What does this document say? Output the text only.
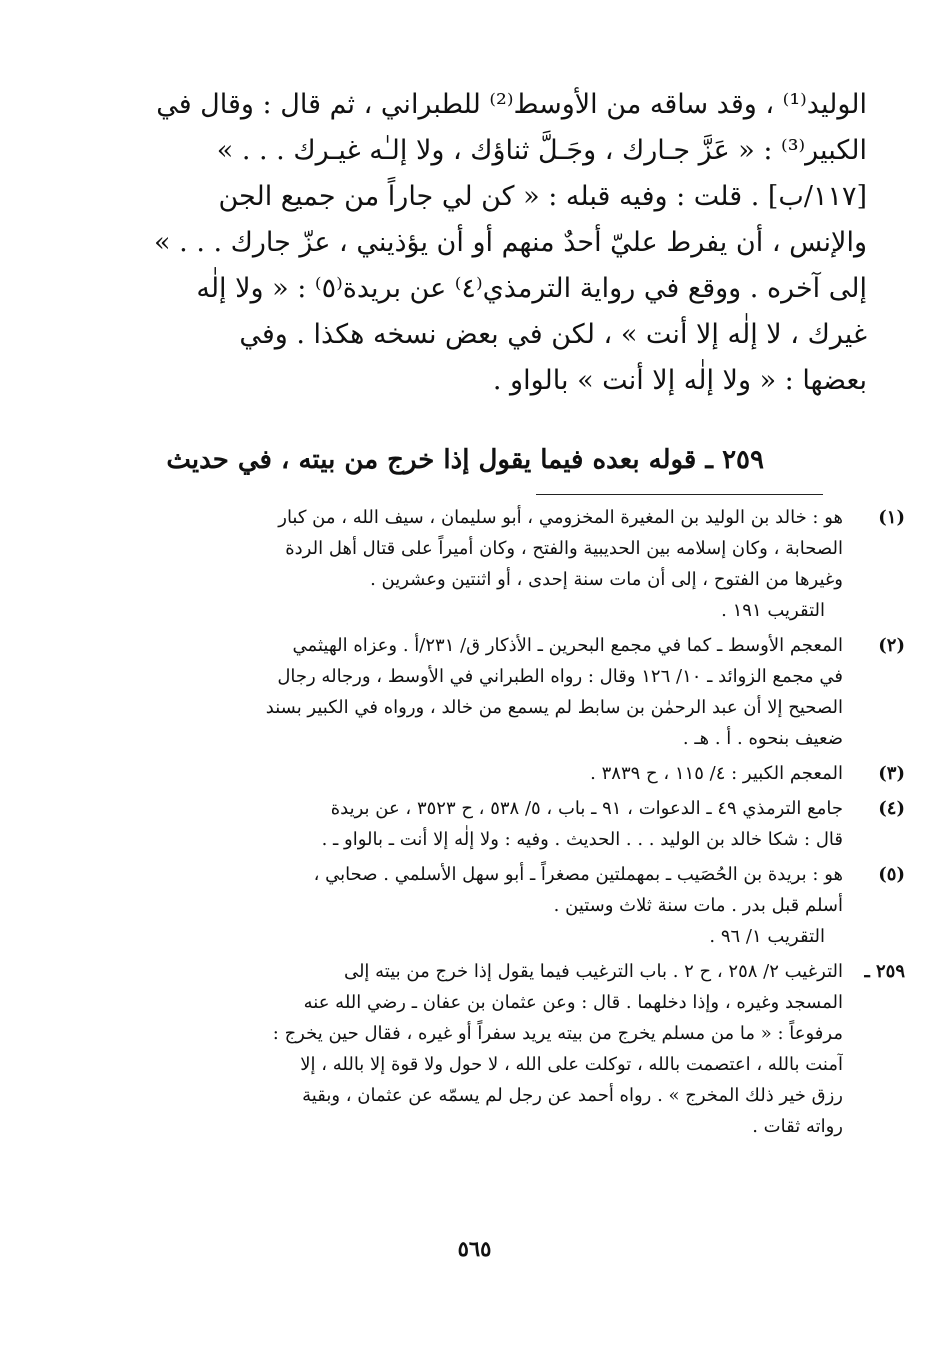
الوليد⁽¹⁾ ، وقد ساقه من الأوسط⁽²⁾ للطبراني ، ثم قال : وقال في
الكبير⁽³⁾ : « عَزَّ جـارك ، وجَـلَّ ثناؤك ، ولا إلـٰه غيـرك . . . »
[١١٧/ب] . قلت : وفيه قبله : « كن لي جاراً من جميع الجن
والإنس ، أن يفرط عليّ أحدٌ منهم أو أن يؤذيني ، عزّ جارك . . . »
إلى آخره . ووقع في رواية الترمذي⁽٤⁾ عن بريدة⁽٥⁾ : « ولا إلٰه
غيرك ، لا إلٰه إلا أنت » ، لكن في بعض نسخه هكذا . وفي
بعضها : « ولا إلٰه إلا أنت » بالواو .
٢٥٩ ـ قوله بعده فيما يقول إذا خرج من بيته ، في حديث
(١)
هو : خالد بن الوليد بن المغيرة المخزومي ، أبو سليمان ، سيف الله ، من كبار
الصحابة ، وكان إسلامه بين الحديبية والفتح ، وكان أميراً على قتال أهل الردة
وغيرها من الفتوح ، إلى أن مات سنة إحدى ، أو اثنتين وعشرين .
التقريب ١٩١ .
(٢)
المعجم الأوسط ـ كما في مجمع البحرين ـ الأذكار ق/ ٢٣١/أ . وعزاه الهيثمي
في مجمع الزوائد ـ ١٠/ ١٢٦ وقال : رواه الطبراني في الأوسط ، ورجاله رجال
الصحيح إلا أن عبد الرحمٰن بن سابط لم يسمع من خالد ، ورواه في الكبير بسند
ضعيف بنحوه . أ . هـ .
(٣)
المعجم الكبير : ٤/ ١١٥ ، ح ٣٨٣٩ .
(٤)
جامع الترمذي ٤٩ ـ الدعوات ، ٩١ ـ باب ، ٥/ ٥٣٨ ، ح ٣٥٢٣ ، عن بريدة
قال : شكا خالد بن الوليد . . . الحديث . وفيه : ولا إلٰه إلا أنت ـ بالواو ـ .
(٥)
هو : بريدة بن الحُصَيب ـ بمهملتين مصغراً ـ أبو سهل الأسلمي . صحابي ،
أسلم قبل بدر . مات سنة ثلاث وستين .
التقريب ١/ ٩٦ .
٢٥٩ ـ
الترغيب ٢/ ٢٥٨ ، ح ٢ . باب الترغيب فيما يقول إذا خرج من بيته إلى
المسجد وغيره ، وإذا دخلهما . قال : وعن عثمان بن عفان ـ رضي الله عنه
مرفوعاً : « ما من مسلم يخرج من بيته يريد سفراً أو غيره ، فقال حين يخرج :
آمنت بالله ، اعتصمت بالله ، توكلت على الله ، لا حول ولا قوة إلا بالله ، إلا
رزق خير ذلك المخرج » . رواه أحمد عن رجل لم يسمّه عن عثمان ، وبقية
رواته ثقات .
٥٦٥
